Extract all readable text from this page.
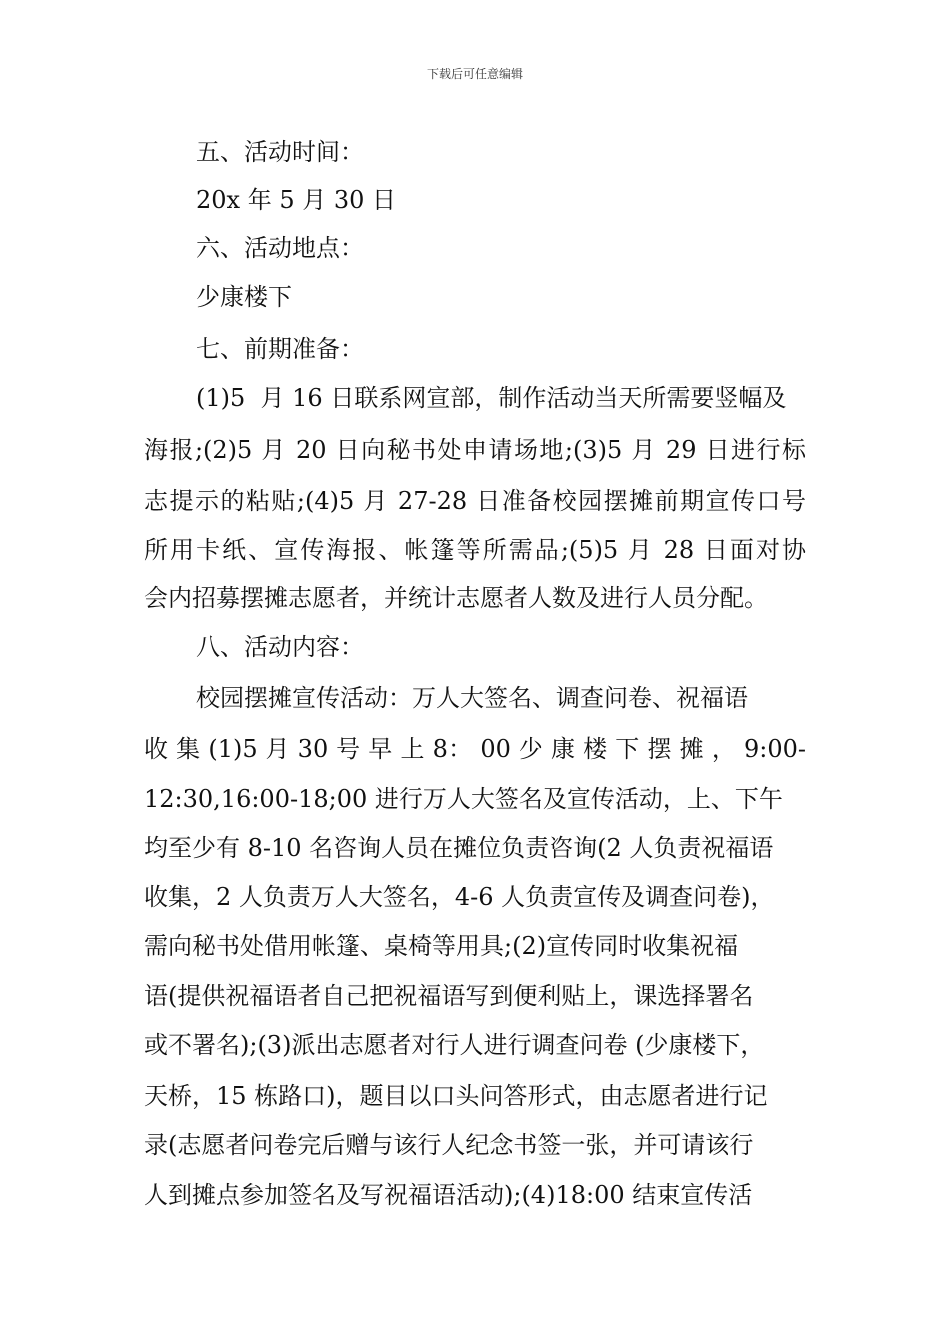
下载后可任意编辑

五、活动时间：

20x 年 5 月 30 日

六、活动地点：

少康楼下

七、前期准备：

(1)5  月 16 日联系网宣部，制作活动当天所需要竖幅及

海报;(2)5 月 20 日向秘书处申请场地;(3)5 月 29 日进行标

志提示的粘贴;(4)5 月 27-28 日准备校园摆摊前期宣传口号

所用卡纸、宣传海报、帐篷等所需品;(5)5 月 28 日面对协

会内招募摆摊志愿者，并统计志愿者人数及进行人员分配。

八、活动内容：

校园摆摊宣传活动：万人大签名、调查问卷、祝福语

收 集 (1)5 月 30 号 早 上 8： 00 少 康 楼 下 摆 摊 ， 9:00-

12:30,16:00-18;00 进行万人大签名及宣传活动，上、下午

均至少有 8-10 名咨询人员在摊位负责咨询(2 人负责祝福语

收集，2 人负责万人大签名，4-6 人负责宣传及调查问卷)，

需向秘书处借用帐篷、桌椅等用具;(2)宣传同时收集祝福

语(提供祝福语者自己把祝福语写到便利贴上，课选择署名

或不署名);(3)派出志愿者对行人进行调查问卷 (少康楼下，

天桥，15 栋路口)，题目以口头问答形式，由志愿者进行记

录(志愿者问卷完后赠与该行人纪念书签一张，并可请该行

人到摊点参加签名及写祝福语活动);(4)18:00 结束宣传活
